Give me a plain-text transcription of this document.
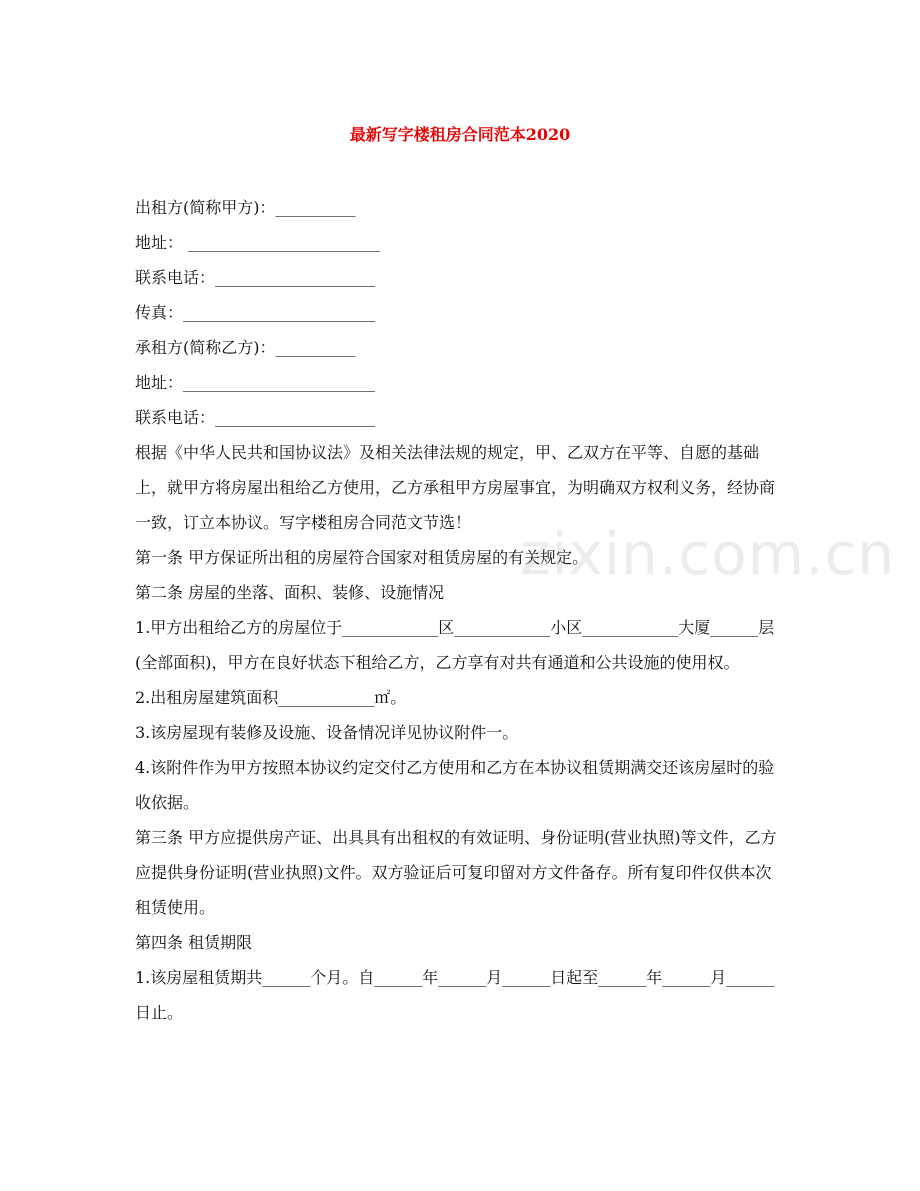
zixin.com.cn
最新写字楼租房合同范本2020

出租方(简称甲方)：__________

地址： ________________________

联系电话：____________________

传真：________________________

承租方(简称乙方)：__________

地址：________________________

联系电话：____________________

根据《中华人民共和国协议法》及相关法律法规的规定，甲、乙双方在平等、自愿的基础上，就甲方将房屋出租给乙方使用，乙方承租甲方房屋事宜，为明确双方权利义务，经协商一致，订立本协议。写字楼租房合同范文节选！

第一条 甲方保证所出租的房屋符合国家对租赁房屋的有关规定。

第二条 房屋的坐落、面积、装修、设施情况

1.甲方出租给乙方的房屋位于____________区____________小区____________大厦______层(全部面积)，甲方在良好状态下租给乙方，乙方享有对共有通道和公共设施的使用权。

2.出租房屋建筑面积____________㎡。

3.该房屋现有装修及设施、设备情况详见协议附件一。

4.该附件作为甲方按照本协议约定交付乙方使用和乙方在本协议租赁期满交还该房屋时的验收依据。

第三条 甲方应提供房产证、出具具有出租权的有效证明、身份证明(营业执照)等文件，乙方应提供身份证明(营业执照)文件。双方验证后可复印留对方文件备存。所有复印件仅供本次租赁使用。

第四条 租赁期限

1.该房屋租赁期共______个月。自______年______月______日起至______年______月______日止。
